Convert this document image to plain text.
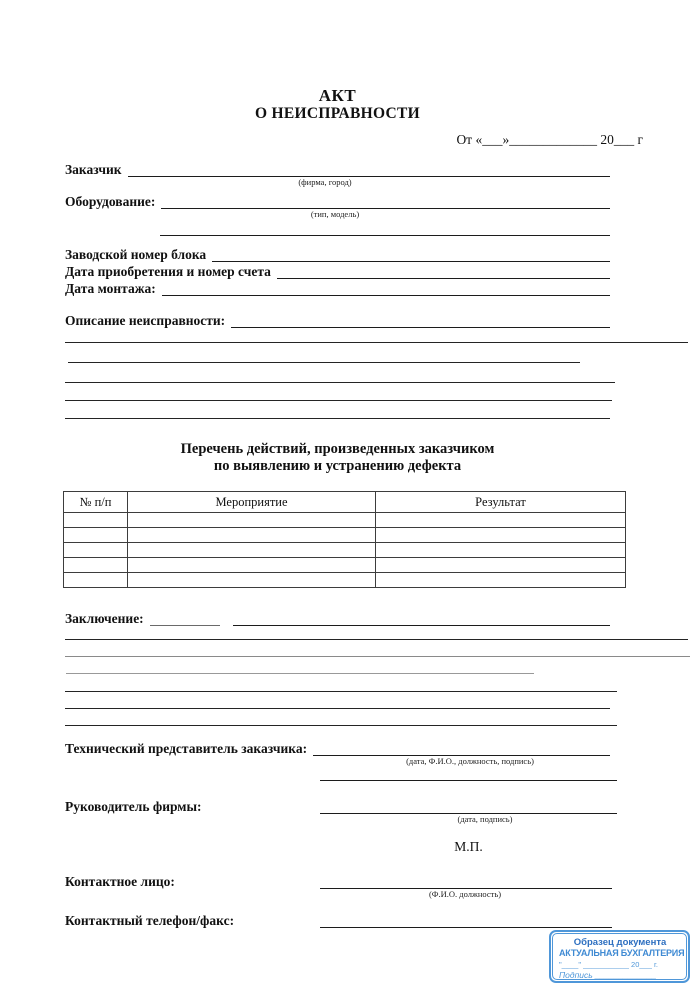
АКТ
О НЕИСПРАВНОСТИ
От «___»_____________ 20___ г
Заказчик
(фирма, город)
Оборудование:
(тип, модель)
Заводской номер блока
Дата приобретения и номер счета
Дата монтажа:
Описание неисправности:
Перечень действий, произведенных заказчиком
по выявлению и устранению дефекта
№ п/п	Мероприятие	Результат

Заключение:
Технический представитель заказчика:
(дата, Ф.И.О., должность, подпись)
Руководитель фирмы:
(дата, подпись)
М.П.
Контактное лицо:
(Ф.И.О. должность)
Контактный телефон/факс:
Образец документа
АКТУАЛЬНАЯ БУХГАЛТЕРИЯ
"____" ___________ 20___ г.
Подпись _____________
